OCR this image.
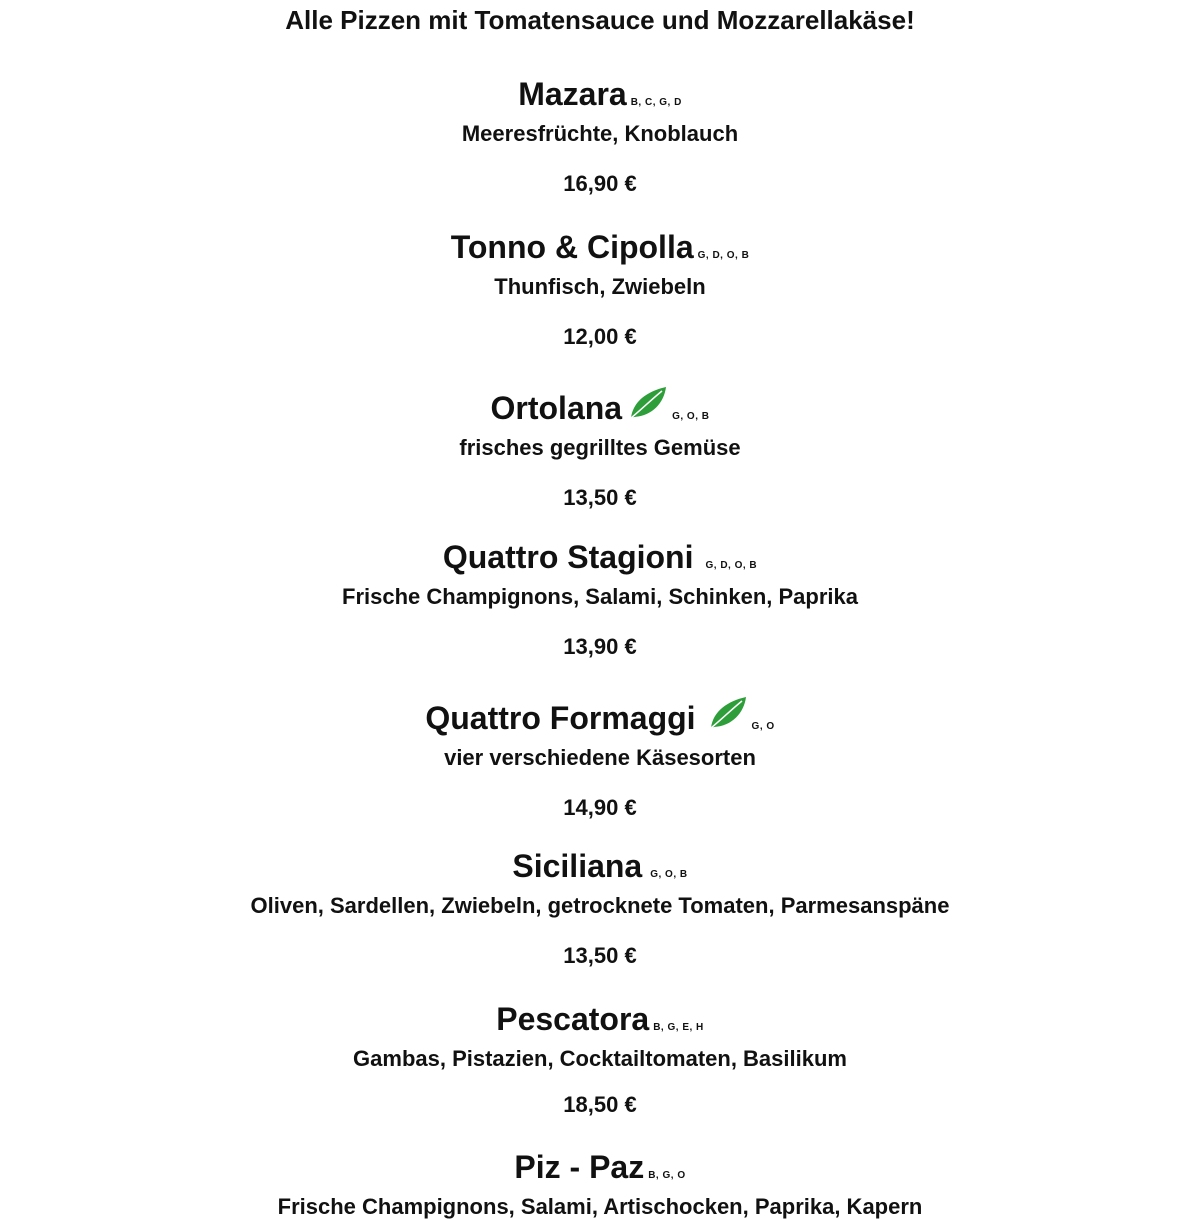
Alle Pizzen mit Tomatensauce und Mozzarellakäse!
Mazara B, C, G, D
Meeresfrüchte, Knoblauch
16,90 €
Tonno & Cipolla G, D, O, B
Thunfisch, Zwiebeln
12,00 €
Ortolana	G, O, B
frisches gegrilltes Gemüse
13,50 €
Quattro Stagioni G, D, O, B
Frische Champignons, Salami, Schinken, Paprika
13,90 €
Quattro Formaggi	G, O
vier verschiedene Käsesorten
14,90 €
Siciliana G, O, B
Oliven, Sardellen, Zwiebeln, getrocknete Tomaten, Parmesanspäne
13,50 €
Pescatora B, G, E, H
Gambas, Pistazien, Cocktailtomaten, Basilikum
18,50 €
Piz - Paz B, G, O
Frische Champignons, Salami, Artischocken, Paprika, Kapern
